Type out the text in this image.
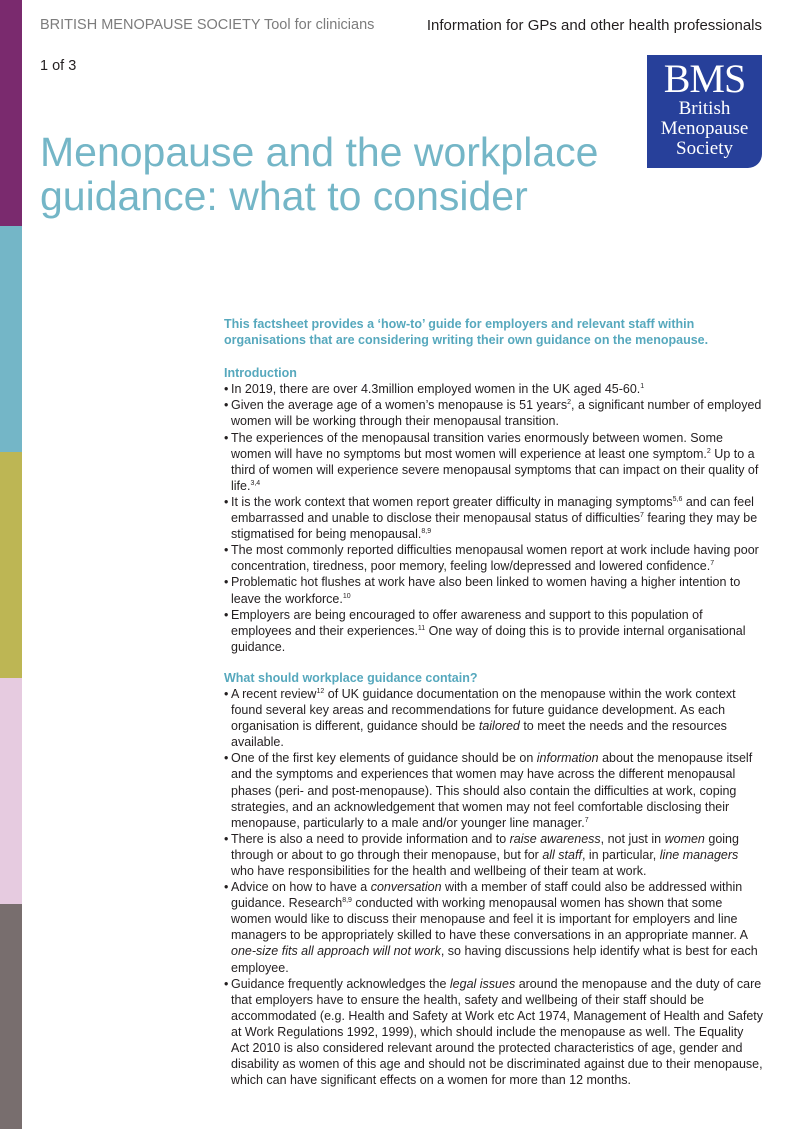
BRITISH MENOPAUSE SOCIETY Tool for clinicians	Information for GPs and other health professionals
1 of 3	BMS
British
Menopause
Society
Menopause and the workplace guidance: what to consider

This factsheet provides a ‘how-to’ guide for employers and relevant staff within organisations that are considering writing their own guidance on the menopause.

Introduction
• In 2019, there are over 4.3million employed women in the UK aged 45-60.$^1$
• Given the average age of a women’s menopause is 51 years$^2$, a significant number of employed women will be working through their menopausal transition.
• The experiences of the menopausal transition varies enormously between women. Some women will have no symptoms but most women will experience at least one symptom.$^2$ Up to a third of women will experience severe menopausal symptoms that can impact on their quality of life.$^{3,4}$
• It is the work context that women report greater difficulty in managing symptoms$^{5,6}$ and can feel embarrassed and unable to disclose their menopausal status of difficulties$^7$ fearing they may be stigmatised for being menopausal.$^{8,9}$
• The most commonly reported difficulties menopausal women report at work include having poor concentration, tiredness, poor memory, feeling low/depressed and lowered confidence.$^7$
• Problematic hot flushes at work have also been linked to women having a higher intention to leave the workforce.$^{10}$
• Employers are being encouraged to offer awareness and support to this population of employees and their experiences.$^{11}$ One way of doing this is to provide internal organisational guidance.
What should workplace guidance contain?
• A recent review$^{12}$ of UK guidance documentation on the menopause within the work context found several key areas and recommendations for future guidance development. As each organisation is different, guidance should be tailored to meet the needs and the resources available.
• One of the first key elements of guidance should be on information about the menopause itself and the symptoms and experiences that women may have across the different menopausal phases (peri- and post-menopause). This should also contain the difficulties at work, coping strategies, and an acknowledgement that women may not feel comfortable disclosing their menopause, particularly to a male and/or younger line manager.$^7$
• There is also a need to provide information and to raise awareness, not just in women going through or about to go through their menopause, but for all staff, in particular, line managers who have responsibilities for the health and wellbeing of their team at work.
• Advice on how to have a conversation with a member of staff could also be addressed within guidance. Research$^{8,9}$ conducted with working menopausal women has shown that some women would like to discuss their menopause and feel it is important for employers and line managers to be appropriately skilled to have these conversations in an appropriate manner. A one-size fits all approach will not work, so having discussions help identify what is best for each employee.
• Guidance frequently acknowledges the legal issues around the menopause and the duty of care that employers have to ensure the health, safety and wellbeing of their staff should be accommodated (e.g. Health and Safety at Work etc Act 1974, Management of Health and Safety at Work Regulations 1992, 1999), which should include the menopause as well. The Equality Act 2010 is also considered relevant around the protected characteristics of age, gender and disability as women of this age and should not be discriminated against due to their menopause, which can have significant effects on a women for more than 12 months.
